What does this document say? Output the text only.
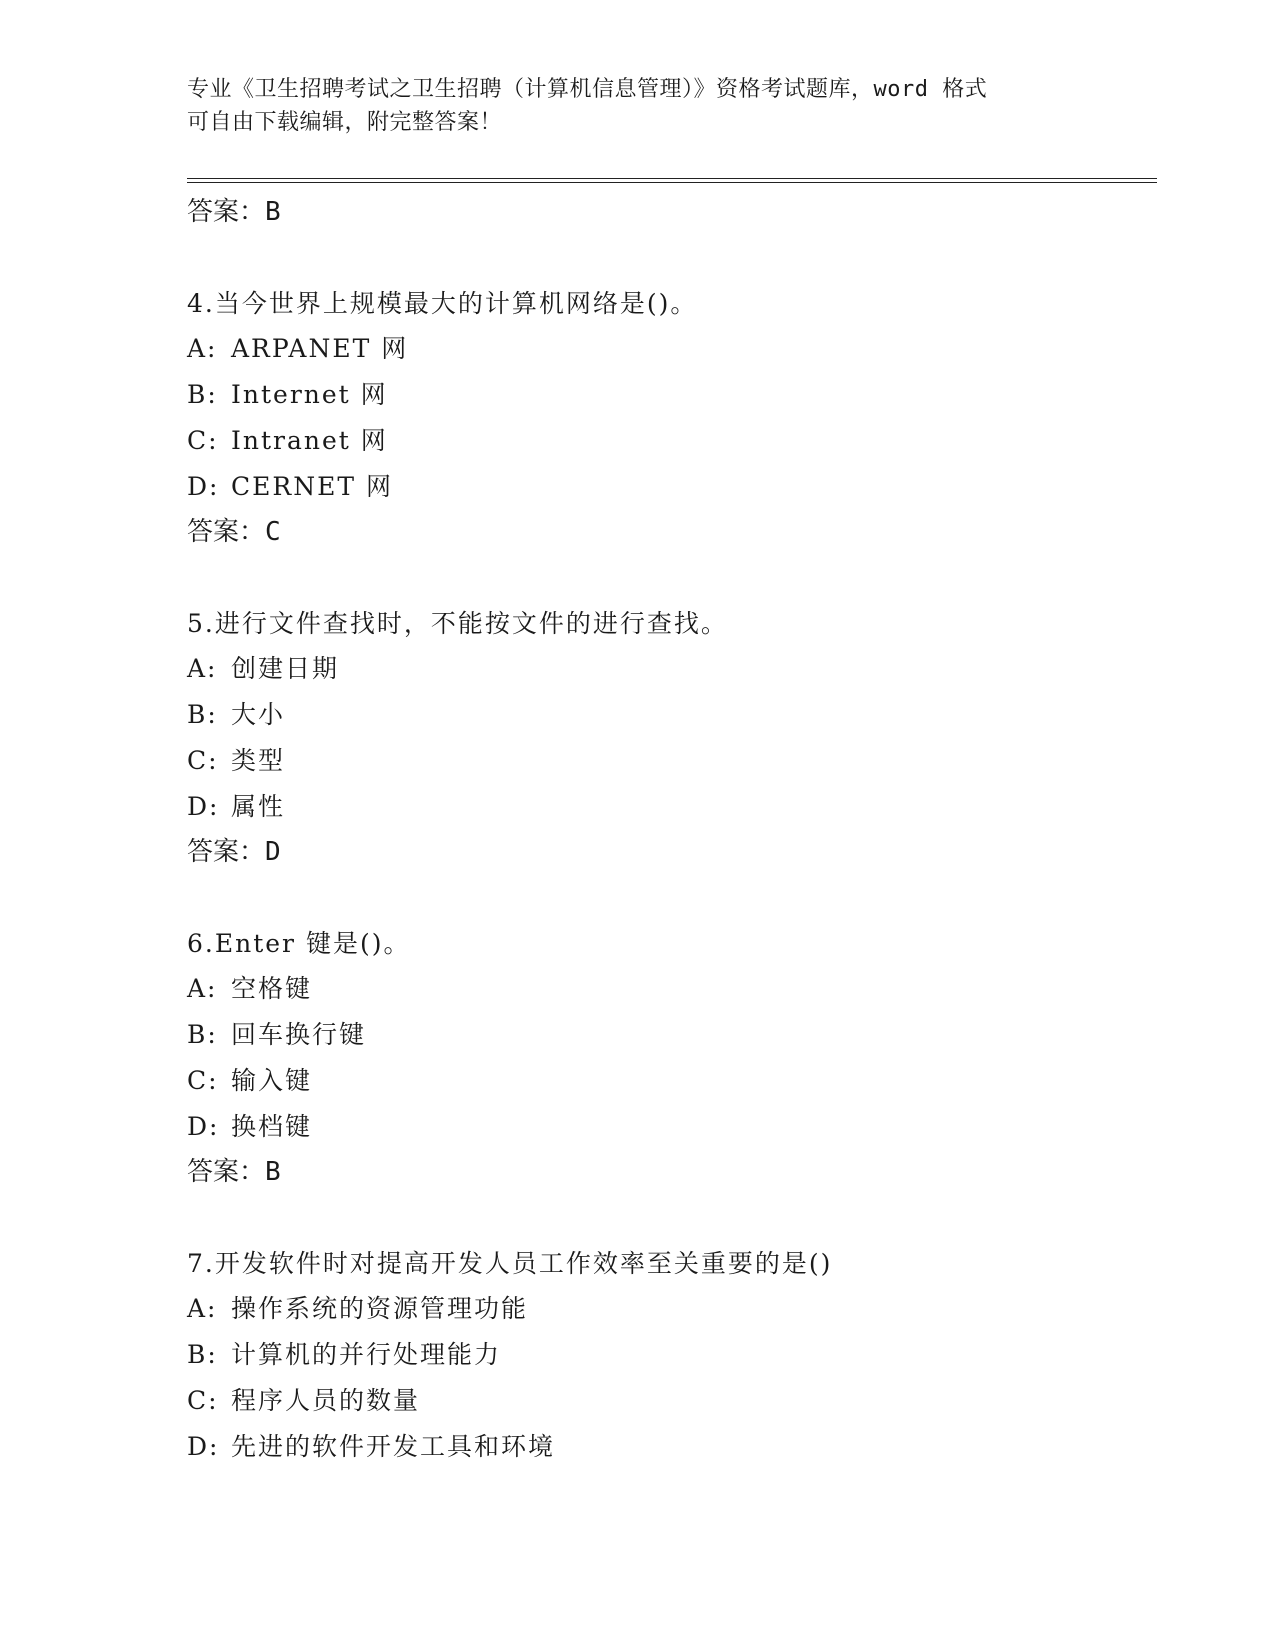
专业《卫生招聘考试之卫生招聘（计算机信息管理）》资格考试题库，word 格式
可自由下载编辑，附完整答案！
答案：B
4.当今世界上规模最大的计算机网络是()。
A: ARPANET 网
B: Internet 网
C: Intranet 网
D: CERNET 网
答案：C
5.进行文件查找时，不能按文件的进行查找。
A: 创建日期
B: 大小
C: 类型
D: 属性
答案：D
6.Enter 键是()。
A: 空格键
B: 回车换行键
C: 输入键
D: 换档键
答案：B
7.开发软件时对提高开发人员工作效率至关重要的是()
A: 操作系统的资源管理功能
B: 计算机的并行处理能力
C: 程序人员的数量
D: 先进的软件开发工具和环境
